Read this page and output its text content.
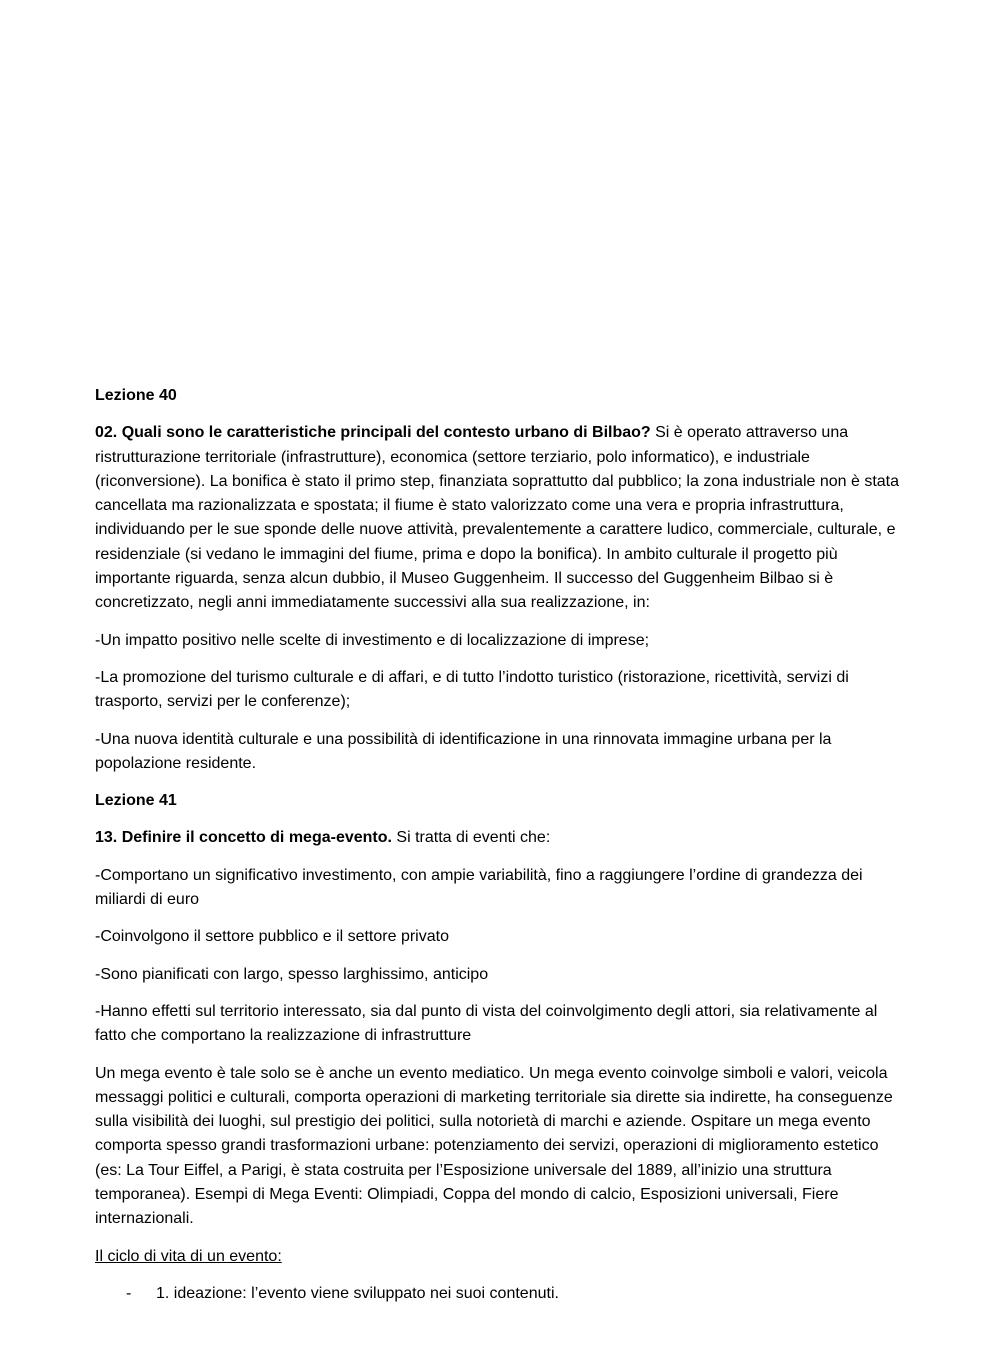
Lezione 40

02. Quali sono le caratteristiche principali del contesto urbano di Bilbao? Si è operato attraverso una ristrutturazione territoriale (infrastrutture), economica (settore terziario, polo informatico), e industriale (riconversione). La bonifica è stato il primo step, finanziata soprattutto dal pubblico; la zona industriale non è stata cancellata ma razionalizzata e spostata; il fiume è stato valorizzato come una vera e propria infrastruttura, individuando per le sue sponde delle nuove attività, prevalentemente a carattere ludico, commerciale, culturale, e residenziale (si vedano le immagini del fiume, prima e dopo la bonifica). In ambito culturale il progetto più importante riguarda, senza alcun dubbio, il Museo Guggenheim. Il successo del Guggenheim Bilbao si è concretizzato, negli anni immediatamente successivi alla sua realizzazione, in:

-Un impatto positivo nelle scelte di investimento e di localizzazione di imprese;

-La promozione del turismo culturale e di affari, e di tutto l’indotto turistico (ristorazione, ricettività, servizi di trasporto, servizi per le conferenze);

-Una nuova identità culturale e una possibilità di identificazione in una rinnovata immagine urbana per la popolazione residente.

Lezione 41

13. Definire il concetto di mega-evento. Si tratta di eventi che:

-Comportano un significativo investimento, con ampie variabilità, fino a raggiungere l’ordine di grandezza dei miliardi di euro

-Coinvolgono il settore pubblico e il settore privato

-Sono pianificati con largo, spesso larghissimo, anticipo

-Hanno effetti sul territorio interessato, sia dal punto di vista del coinvolgimento degli attori, sia relativamente al fatto che comportano la realizzazione di infrastrutture

Un mega evento è tale solo se è anche un evento mediatico. Un mega evento coinvolge simboli e valori, veicola messaggi politici e culturali, comporta operazioni di marketing territoriale sia dirette sia indirette, ha conseguenze sulla visibilità dei luoghi, sul prestigio dei politici, sulla notorietà di marchi e aziende. Ospitare un mega evento comporta spesso grandi trasformazioni urbane: potenziamento dei servizi, operazioni di miglioramento estetico (es: La Tour Eiffel, a Parigi, è stata costruita per l’Esposizione universale del 1889, all’inizio una struttura temporanea). Esempi di Mega Eventi: Olimpiadi, Coppa del mondo di calcio, Esposizioni universali, Fiere internazionali.

Il ciclo di vita di un evento:
-	1. ideazione: l’evento viene sviluppato nei suoi contenuti.
